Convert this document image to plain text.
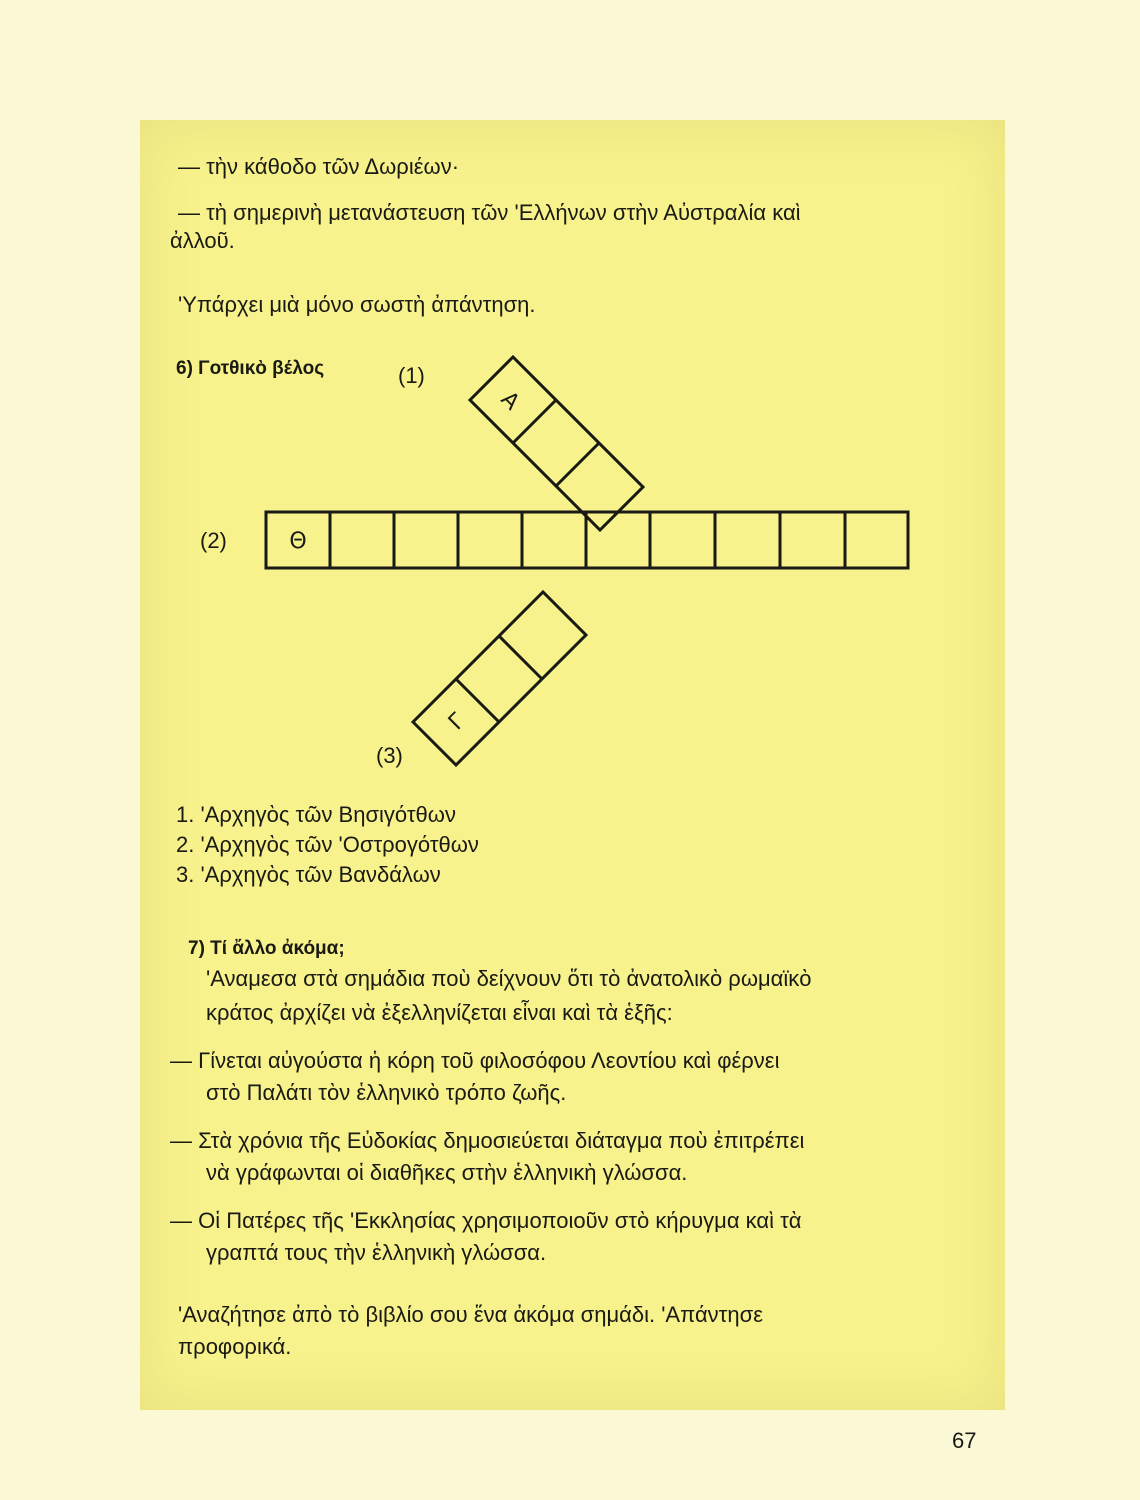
— τὴν κάθοδο τῶν Δωριέων·
— τὴ σημερινὴ μετανάστευση τῶν 'Ελλήνων στὴν Αὐστραλία καὶ
ἀλλοῦ.
'Υπάρχει μιὰ μόνο σωστὴ ἀπάντηση.
6) Γοτθικὸ βέλος	(1)
(2)
(3)
Θ
Α
Γ
1. 'Αρχηγὸς τῶν Βησιγότθων
2. 'Αρχηγὸς τῶν 'Οστρογότθων
3. 'Αρχηγὸς τῶν Βανδάλων
7) Τί ἄλλο ἀκόμα;
'Αναμεσα στὰ σημάδια ποὺ δείχνουν ὅτι τὸ ἀνατολικὸ ρωμαϊκὸ
κράτος ἀρχίζει νὰ ἐξελληνίζεται εἶναι καὶ τὰ ἑξῆς:
— Γίνεται αὐγούστα ἡ κόρη τοῦ φιλοσόφου Λεοντίου καὶ φέρνει
στὸ Παλάτι τὸν ἑλληνικὸ τρόπο ζωῆς.
— Στὰ χρόνια τῆς Εὐδοκίας δημοσιεύεται διάταγμα ποὺ ἐπιτρέπει
νὰ γράφωνται οἱ διαθῆκες στὴν ἑλληνικὴ γλώσσα.
— Οἱ Πατέρες τῆς 'Εκκλησίας χρησιμοποιοῦν στὸ κήρυγμα καὶ τὰ
γραπτά τους τὴν ἑλληνικὴ γλώσσα.
'Αναζήτησε ἀπὸ τὸ βιβλίο σου ἕνα ἀκόμα σημάδι. 'Απάντησε
προφορικά.
67
